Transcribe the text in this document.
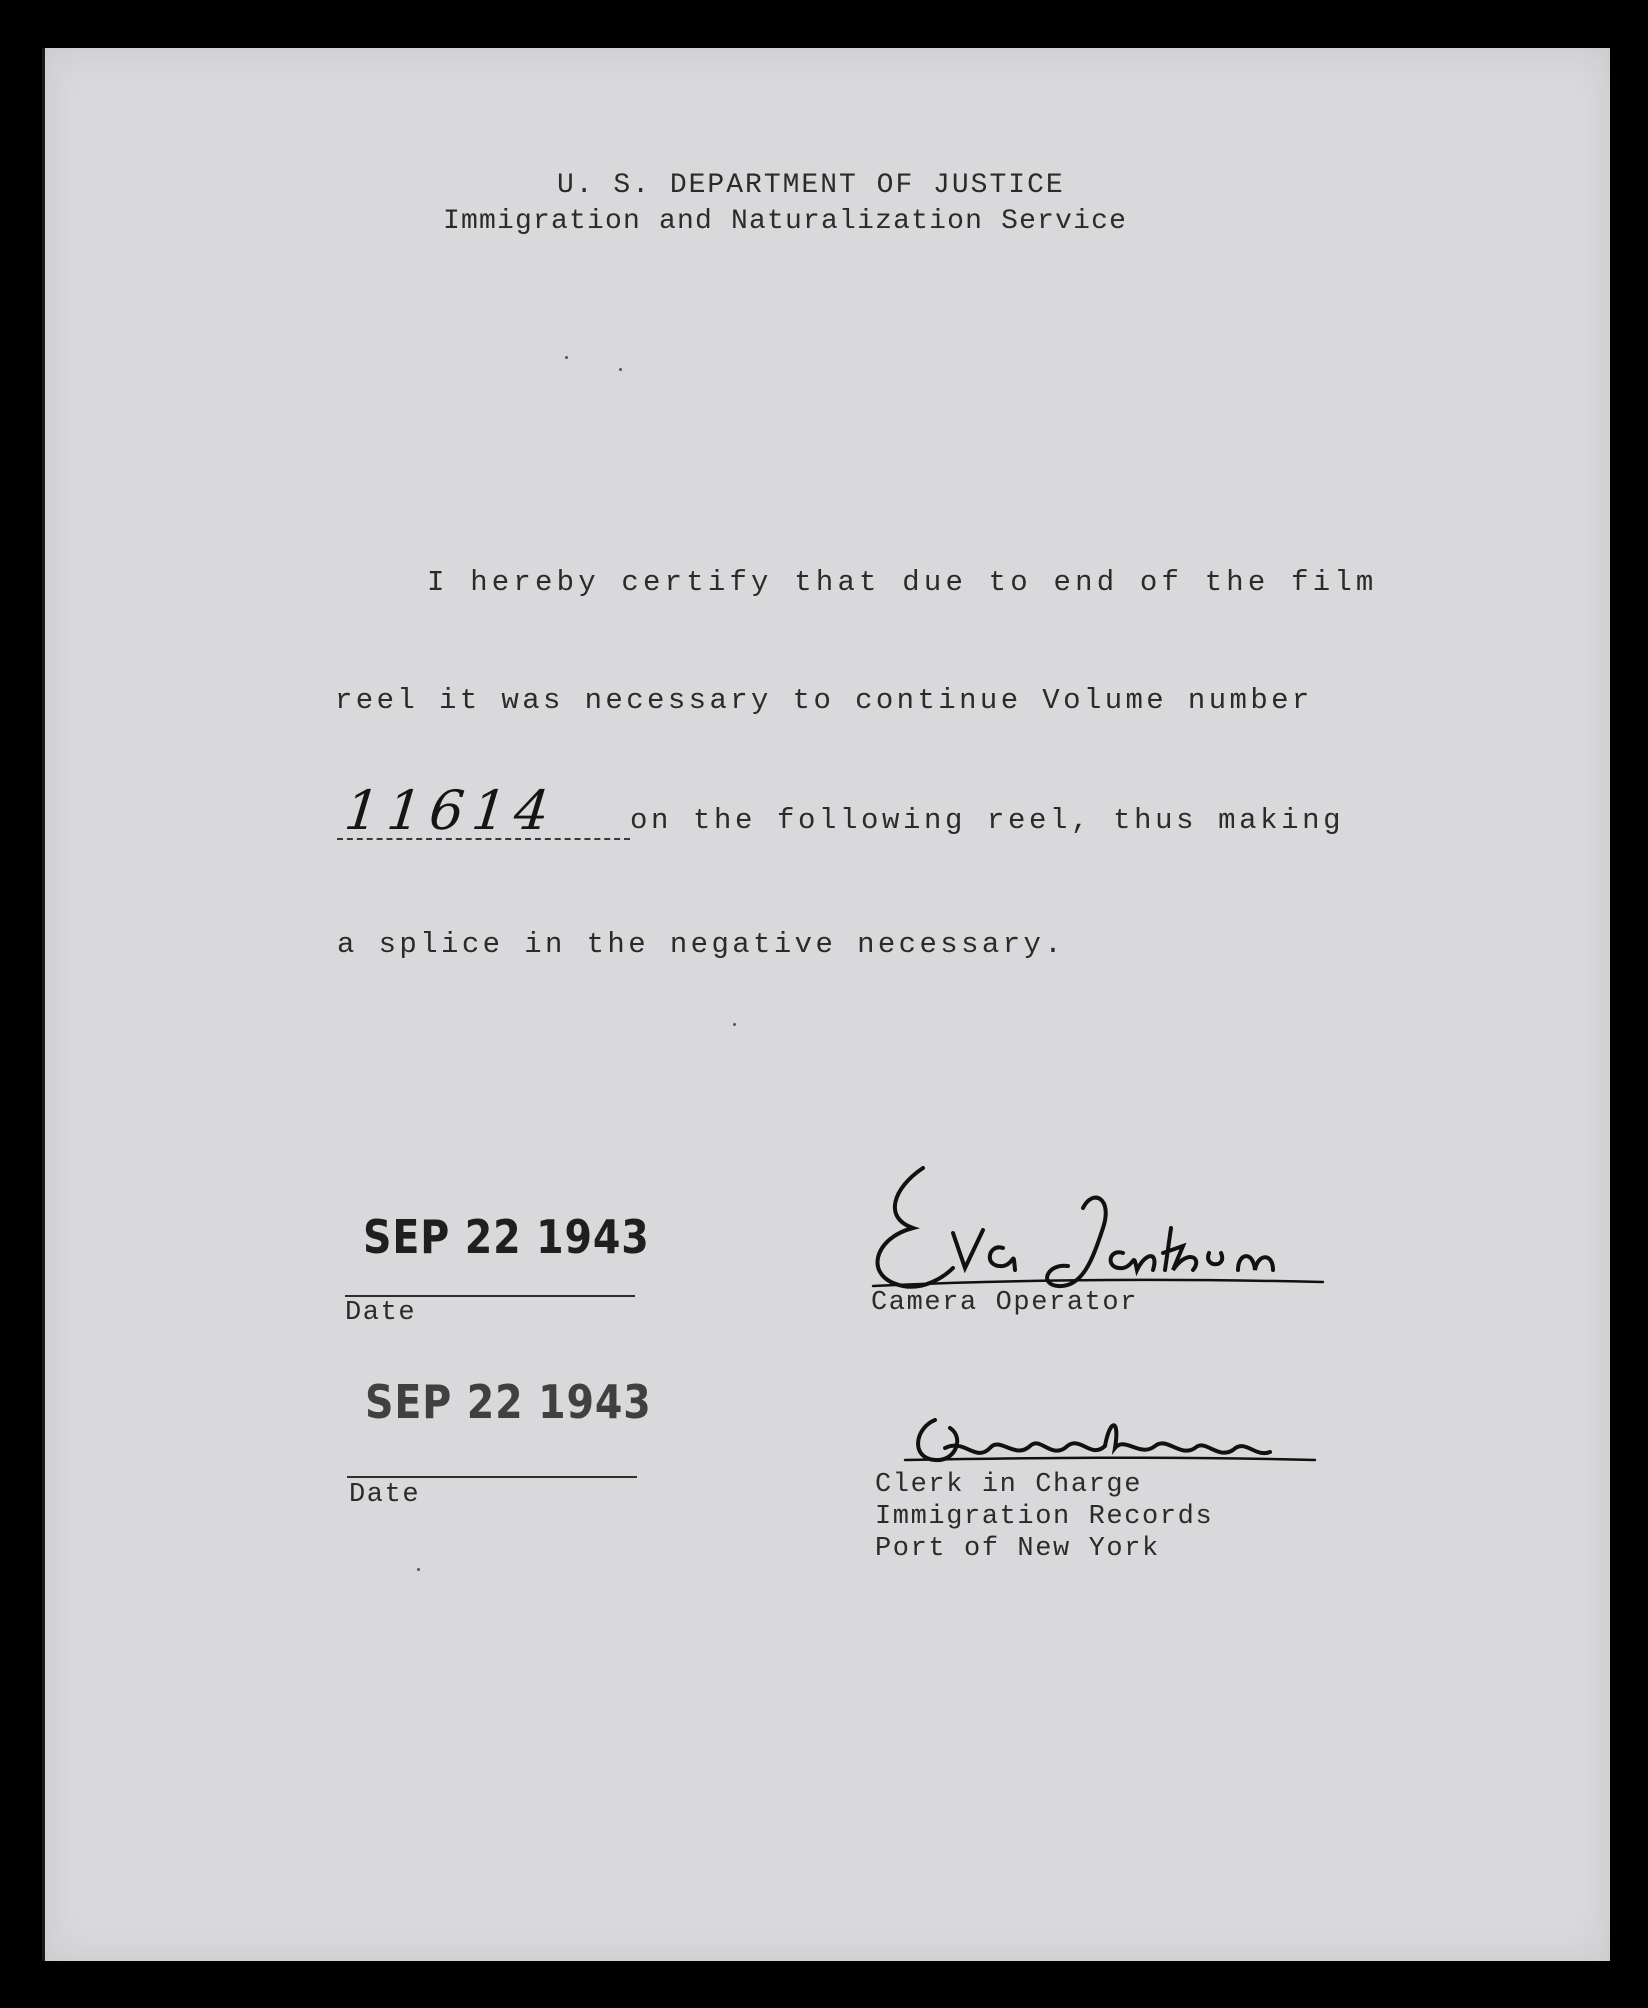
U. S. DEPARTMENT OF JUSTICE
Immigration and Naturalization Service
I hereby certify that due to end of the film
reel it was necessary to continue Volume number
11614 on the following reel, thus making
a splice in the negative necessary.
SEP 22 1943
Date
SEP 22 1943
Date
Camera Operator
Clerk in Charge
Immigration Records
Port of New York
